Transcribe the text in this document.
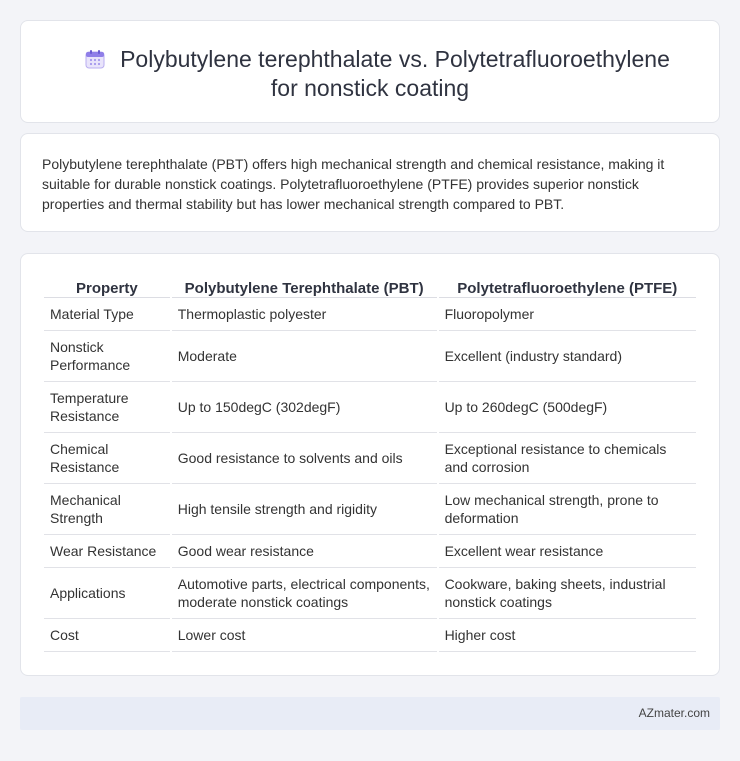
Polybutylene terephthalate vs. Polytetrafluoroethylene
for nonstick coating

Polybutylene terephthalate (PBT) offers high mechanical strength and chemical resistance, making it suitable for durable nonstick coatings. Polytetrafluoroethylene (PTFE) provides superior nonstick properties and thermal stability but has lower mechanical strength compared to PBT.

Property	Polybutylene Terephthalate (PBT)	Polytetrafluoroethylene (PTFE)
Material Type	Thermoplastic polyester	Fluoropolymer
Nonstick Performance	Moderate	Excellent (industry standard)
Temperature Resistance	Up to 150degC (302degF)	Up to 260degC (500degF)
Chemical Resistance	Good resistance to solvents and oils	Exceptional resistance to chemicals and corrosion
Mechanical Strength	High tensile strength and rigidity	Low mechanical strength, prone to deformation
Wear Resistance	Good wear resistance	Excellent wear resistance
Applications	Automotive parts, electrical components, moderate nonstick coatings	Cookware, baking sheets, industrial nonstick coatings
Cost	Lower cost	Higher cost
AZmater.com
